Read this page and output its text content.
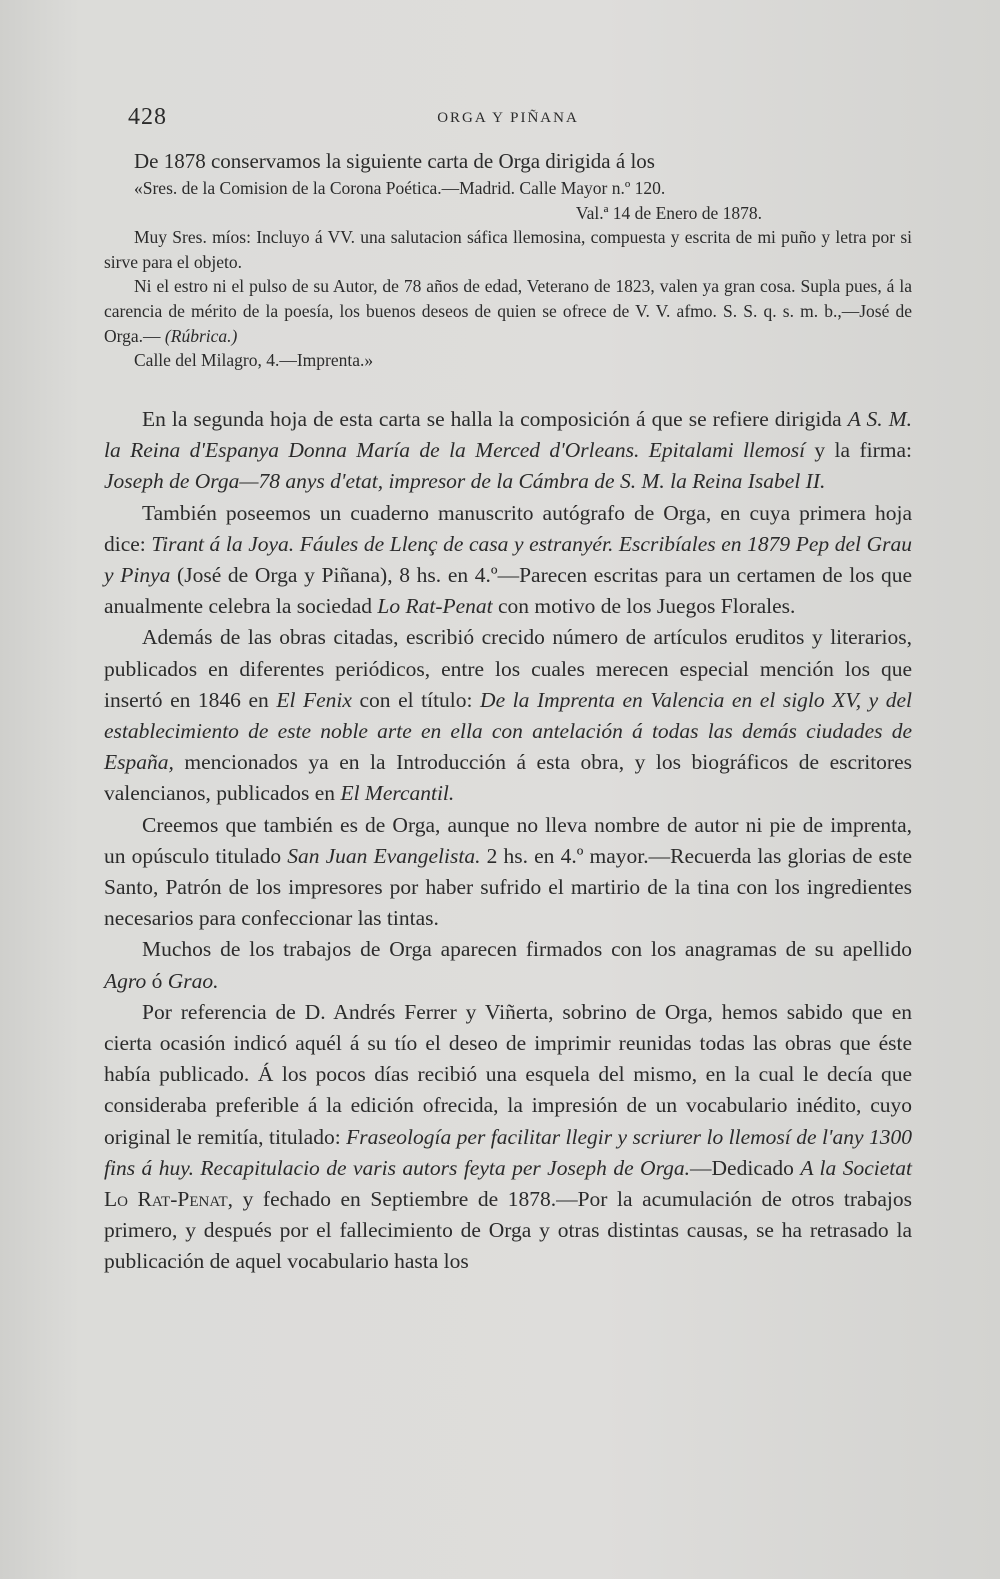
428	ORGA Y PIÑANA

De 1878 conservamos la siguiente carta de Orga dirigida á los

«Sres. de la Comision de la Corona Poética.—Madrid. Calle Mayor n.º 120.

Val.ª 14 de Enero de 1878.

Muy Sres. míos: Incluyo á VV. una salutacion sáfica llemosina, compuesta y escrita de mi puño y letra por si sirve para el objeto.

Ni el estro ni el pulso de su Autor, de 78 años de edad, Veterano de 1823, valen ya gran cosa. Supla pues, á la carencia de mérito de la poesía, los buenos deseos de quien se ofrece de V. V. afmo. S. S. q. s. m. b.,—José de Orga.— (Rúbrica.)

Calle del Milagro, 4.—Imprenta.»

En la segunda hoja de esta carta se halla la composición á que se refiere dirigida A S. M. la Reina d'Espanya Donna María de la Merced d'Orleans. Epitalami llemosí y la firma: Joseph de Orga—78 anys d'etat, impresor de la Cámbra de S. M. la Reina Isabel II.

También poseemos un cuaderno manuscrito autógrafo de Orga, en cuya primera hoja dice: Tirant á la Joya. Fáules de Llenç de casa y estranyér. Escribíales en 1879 Pep del Grau y Pinya (José de Orga y Piñana), 8 hs. en 4.º—Parecen escritas para un certamen de los que anualmente celebra la sociedad Lo Rat-Penat con motivo de los Juegos Florales.

Además de las obras citadas, escribió crecido número de artículos eruditos y literarios, publicados en diferentes periódicos, entre los cuales merecen especial mención los que insertó en 1846 en El Fenix con el título: De la Imprenta en Valencia en el siglo XV, y del establecimiento de este noble arte en ella con antelación á todas las demás ciudades de España, mencionados ya en la Introducción á esta obra, y los biográficos de escritores valencianos, publicados en El Mercantil.

Creemos que también es de Orga, aunque no lleva nombre de autor ni pie de imprenta, un opúsculo titulado San Juan Evangelista. 2 hs. en 4.º mayor.—Recuerda las glorias de este Santo, Patrón de los impresores por haber sufrido el martirio de la tina con los ingredientes necesarios para confeccionar las tintas.

Muchos de los trabajos de Orga aparecen firmados con los anagramas de su apellido Agro ó Grao.

Por referencia de D. Andrés Ferrer y Viñerta, sobrino de Orga, hemos sabido que en cierta ocasión indicó aquél á su tío el deseo de imprimir reunidas todas las obras que éste había publicado. Á los pocos días recibió una esquela del mismo, en la cual le decía que consideraba preferible á la edición ofrecida, la impresión de un vocabulario inédito, cuyo original le remitía, titulado: Fraseología per facilitar llegir y scriurer lo llemosí de l'any 1300 fins á huy. Recapitulacio de varis autors feyta per Joseph de Orga.—Dedicado A la Societat Lo Rat-Penat, y fechado en Septiembre de 1878.—Por la acumulación de otros trabajos primero, y después por el fallecimiento de Orga y otras distintas causas, se ha retrasado la publicación de aquel vocabulario hasta los
